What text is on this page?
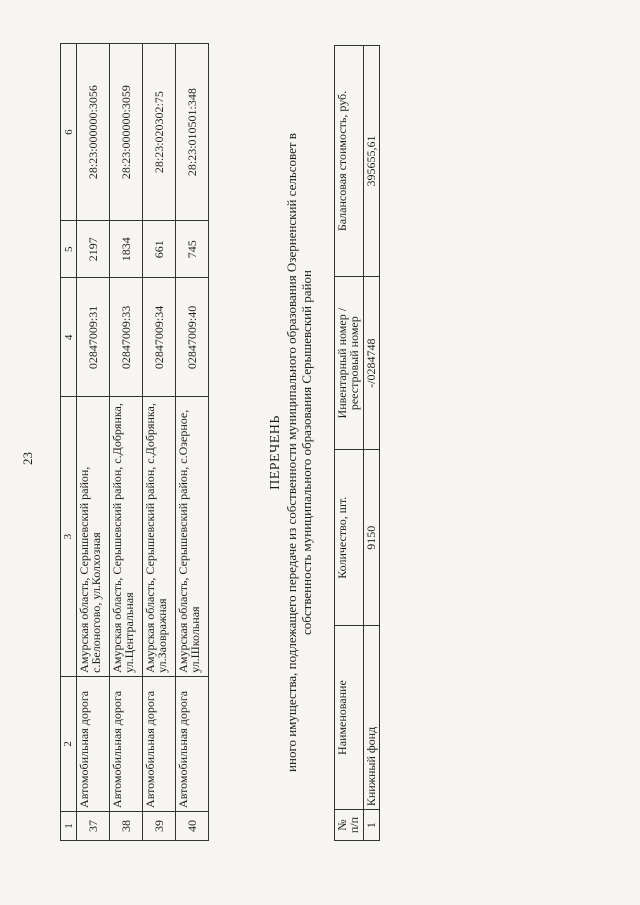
23
1	2	3	4	5	6
37	Автомобильная дорога	Амурская область, Серышевский район, с.Белоногово, ул.Колхозная	02847009:31	2197	28:23:000000:3056
38	Автомобильная дорога	Амурская область, Серышевский район, с.Добрянка, ул.Центральная	02847009:33	1834	28:23:000000:3059
39	Автомобильная дорога	Амурская область, Серышевский район, с.Добрянка, ул.Заовражная	02847009:34	661	28:23:020302:75
40	Автомобильная дорога	Амурская область, Серышевский район, с.Озерное, ул.Школьная	02847009:40	745	28:23:010501:348
ПЕРЕЧЕНЬ иного имущества, подлежащего передаче из собственности муниципального образования Озерненский сельсовет в собственность муниципального образования Серышевский район
№ п/п	Наименование	Количество, шт.	Инвентарный номер / реестровый номер	Балансовая стоимость, руб.
1	Книжный фонд	9150	-/0284748	395655,61
